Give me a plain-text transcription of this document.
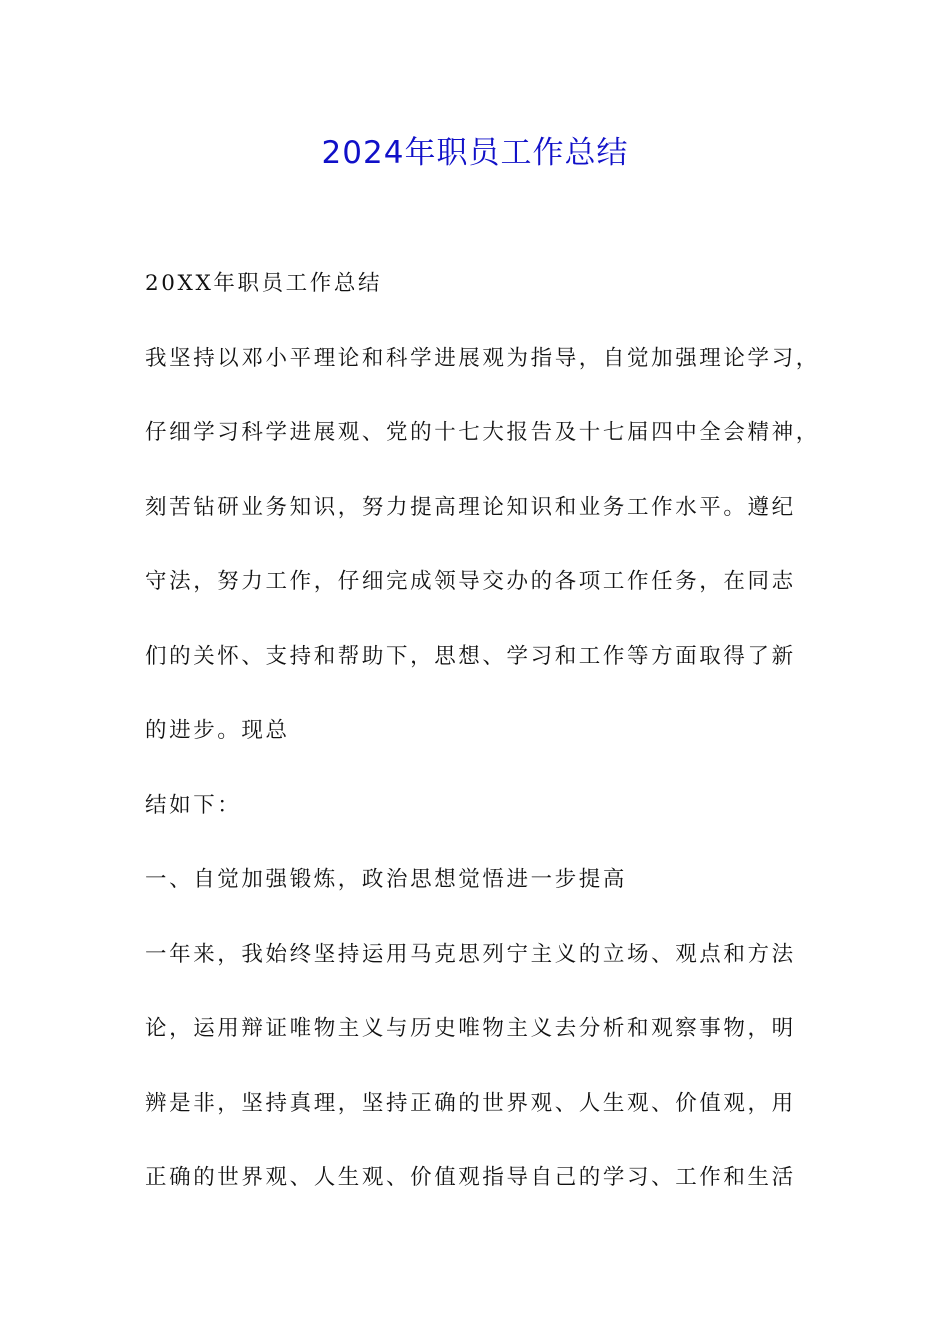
2024年职员工作总结
20XX年职员工作总结
我坚持以邓小平理论和科学进展观为指导，自觉加强理论学习，
仔细学习科学进展观、党的十七大报告及十七届四中全会精神，
刻苦钻研业务知识，努力提高理论知识和业务工作水平。遵纪
守法，努力工作，仔细完成领导交办的各项工作任务，在同志
们的关怀、支持和帮助下，思想、学习和工作等方面取得了新
的进步。现总
结如下：
一、自觉加强锻炼，政治思想觉悟进一步提高
一年来，我始终坚持运用马克思列宁主义的立场、观点和方法
论，运用辩证唯物主义与历史唯物主义去分析和观察事物，明
辨是非，坚持真理，坚持正确的世界观、人生观、价值观，用
正确的世界观、人生观、价值观指导自己的学习、工作和生活
